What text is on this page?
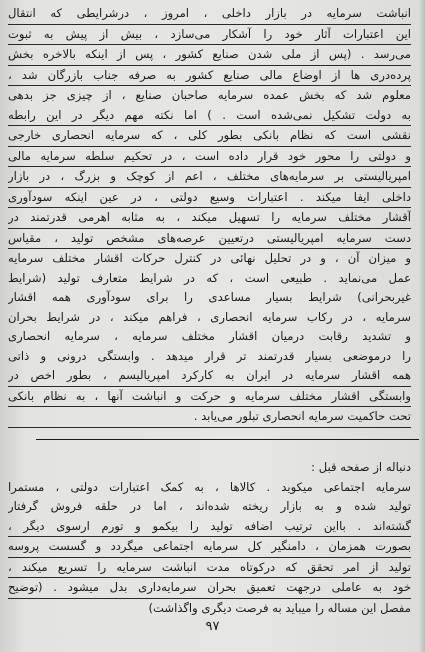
انباشت سرمایه در بازار داخلی ، امروز ، درشرایطی که انتقال
این اعتبارات آثار خود را آشکار می‌سازد ، بیش از پیش به ثبوت
می‌رسد . (پس از ملی شدن صنایع کشور ، پس از اینکه بالاخره بخش
پرده‌دری ها از اوضاع مالی صنایع کشور به صرفه جناب بازرگان شد ،
معلوم شد که بخش عمده سرمایه صاحبان صنایع ، از چیزی جز بدهی
به دولت تشکیل نمی‌شده است . ) اما نکته مهم دیگر در این رابطه
نقشی است که نظام بانکی بطور کلی ، که سرمایه انحصاری خارجی
و دولتی را محور خود قرار داده است ، در تحکیم سلطه سرمایه مالی
امپریالیستی بر سرمایه‌های مختلف ، اعم از کوچک و بزرگ ، در بازار
داخلی ایفا میکند . اعتبارات وسیع دولتی ، در عین اینکه سودآوری
آقشار مختلف سرمایه را تسهیل میکند ، به مثابه اهرمی قدرتمند در
دست سرمایه امپریالیستی درتعیین عرصه‌های مشخص تولید ، مقیاس
و میزان آن ، و در تحلیل نهائی در کنترل حرکات اقشار مختلف سرمایه
عمل می‌نماید . طبیعی است ، که در شرایط متعارف تولید (شرایط
غیربحرانی) شرایط بسیار مساعدی را برای سودآوری همه اقشار
سرمایه ، در رکاب سرمایه انحصاری ، فراهم میکند ، در شرایط بحران
و تشدید رقابت درمیان اقشار مختلف سرمایه ، سرمایه انحصاری
را درموضعی بسیار قدرتمند تر قرار میدهد . وابستگی درونی و ذاتی
همه اقشار سرمایه در ایران به کارکرد امپریالیسم ، بطور اخص در
وابستگی اقشار مختلف سرمایه و حرکت و انباشت آنها ، به نظام بانکی
تحت حاکمیت سرمایه انحصاری تبلور می‌یابد .
دنباله از صفحه قبل :
سرمایه اجتماعی میکوید . کالاها ، به کمک اعتبارات دولتی ، مستمرا
تولید شده و به بازار ریخته شده‌اند ، اما در حلقه فروش گرفتار
گشته‌اند . بااین ترتیب اضافه تولید را بیکمو و تورم ارسوی دیگر ،
بصورت همزمان ، دامنگیر کل سرمایه اجتماعی میگردد و گسست پروسه
تولید از امر تحقق که درکوتاه مدت انباشت سرمایه را تسریع میکند ،
خود به عاملی درجهت تعمیق بحران سرمایه‌داری بدل میشود . (توضیح
مفصل این مساله را میباید به فرصت دیگری واگذاشت)
۹۷
